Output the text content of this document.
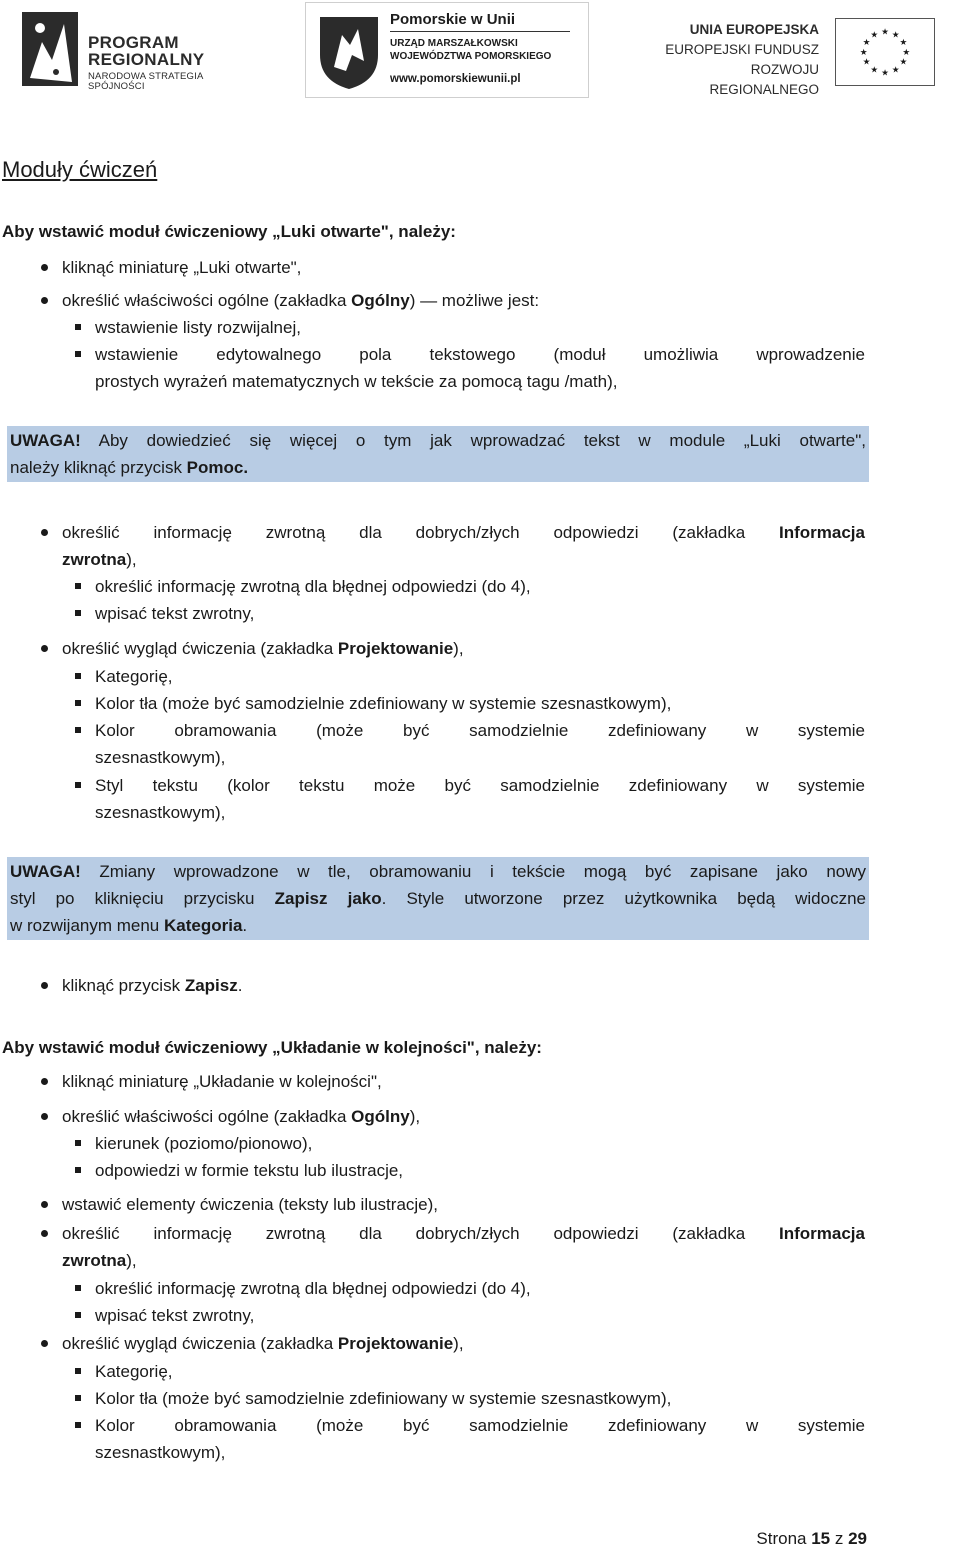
PROGRAM
REGIONALNY
NARODOWA STRATEGIA SPÓJNOŚCI
Pomorskie w Unii
URZĄD MARSZAŁKOWSKI
WOJEWÓDZTWA POMORSKIEGO
www.pomorskiewunii.pl
UNIA EUROPEJSKA
EUROPEJSKI FUNDUSZ
ROZWOJU REGIONALNEGO
★ ★
★
★
★
★
★
★
★
★
★
★
Moduły ćwiczeń
Aby wstawić moduł ćwiczeniowy „Luki otwarte", należy:
kliknąć miniaturę „Luki otwarte",
określić właściwości ogólne (zakładka Ogólny) — możliwe jest:
wstawienie listy rozwijalnej,
wstawienie edytowalnego pola tekstowego (moduł umożliwia wprowadzenie
prostych wyrażeń matematycznych w tekście za pomocą tagu /math),
UWAGA! Aby dowiedzieć się więcej o tym jak wprowadzać tekst w module „Luki otwarte",
należy kliknąć przycisk Pomoc.
określić informację zwrotną dla dobrych/złych odpowiedzi (zakładka Informacja
zwrotna),
określić informację zwrotną dla błędnej odpowiedzi (do 4),
wpisać tekst zwrotny,
określić wygląd ćwiczenia (zakładka Projektowanie),
Kategorię,
Kolor tła (może być samodzielnie zdefiniowany w systemie szesnastkowym),
Kolor obramowania (może być samodzielnie zdefiniowany w systemie
szesnastkowym),
Styl tekstu (kolor tekstu może być samodzielnie zdefiniowany w systemie
szesnastkowym),
UWAGA! Zmiany wprowadzone w tle, obramowaniu i tekście mogą być zapisane jako nowy
styl po kliknięciu przycisku Zapisz jako. Style utworzone przez użytkownika będą widoczne
w rozwijanym menu Kategoria.
kliknąć przycisk Zapisz.
Aby wstawić moduł ćwiczeniowy „Układanie w kolejności", należy:
kliknąć miniaturę „Układanie w kolejności",
określić właściwości ogólne (zakładka Ogólny),
kierunek (poziomo/pionowo),
odpowiedzi w formie tekstu lub ilustracje,
wstawić elementy ćwiczenia (teksty lub ilustracje),
określić informację zwrotną dla dobrych/złych odpowiedzi (zakładka Informacja
zwrotna),
określić informację zwrotną dla błędnej odpowiedzi (do 4),
wpisać tekst zwrotny,
określić wygląd ćwiczenia (zakładka Projektowanie),
Kategorię,
Kolor tła (może być samodzielnie zdefiniowany w systemie szesnastkowym),
Kolor obramowania (może być samodzielnie zdefiniowany w systemie
szesnastkowym),
Strona 15 z 29
